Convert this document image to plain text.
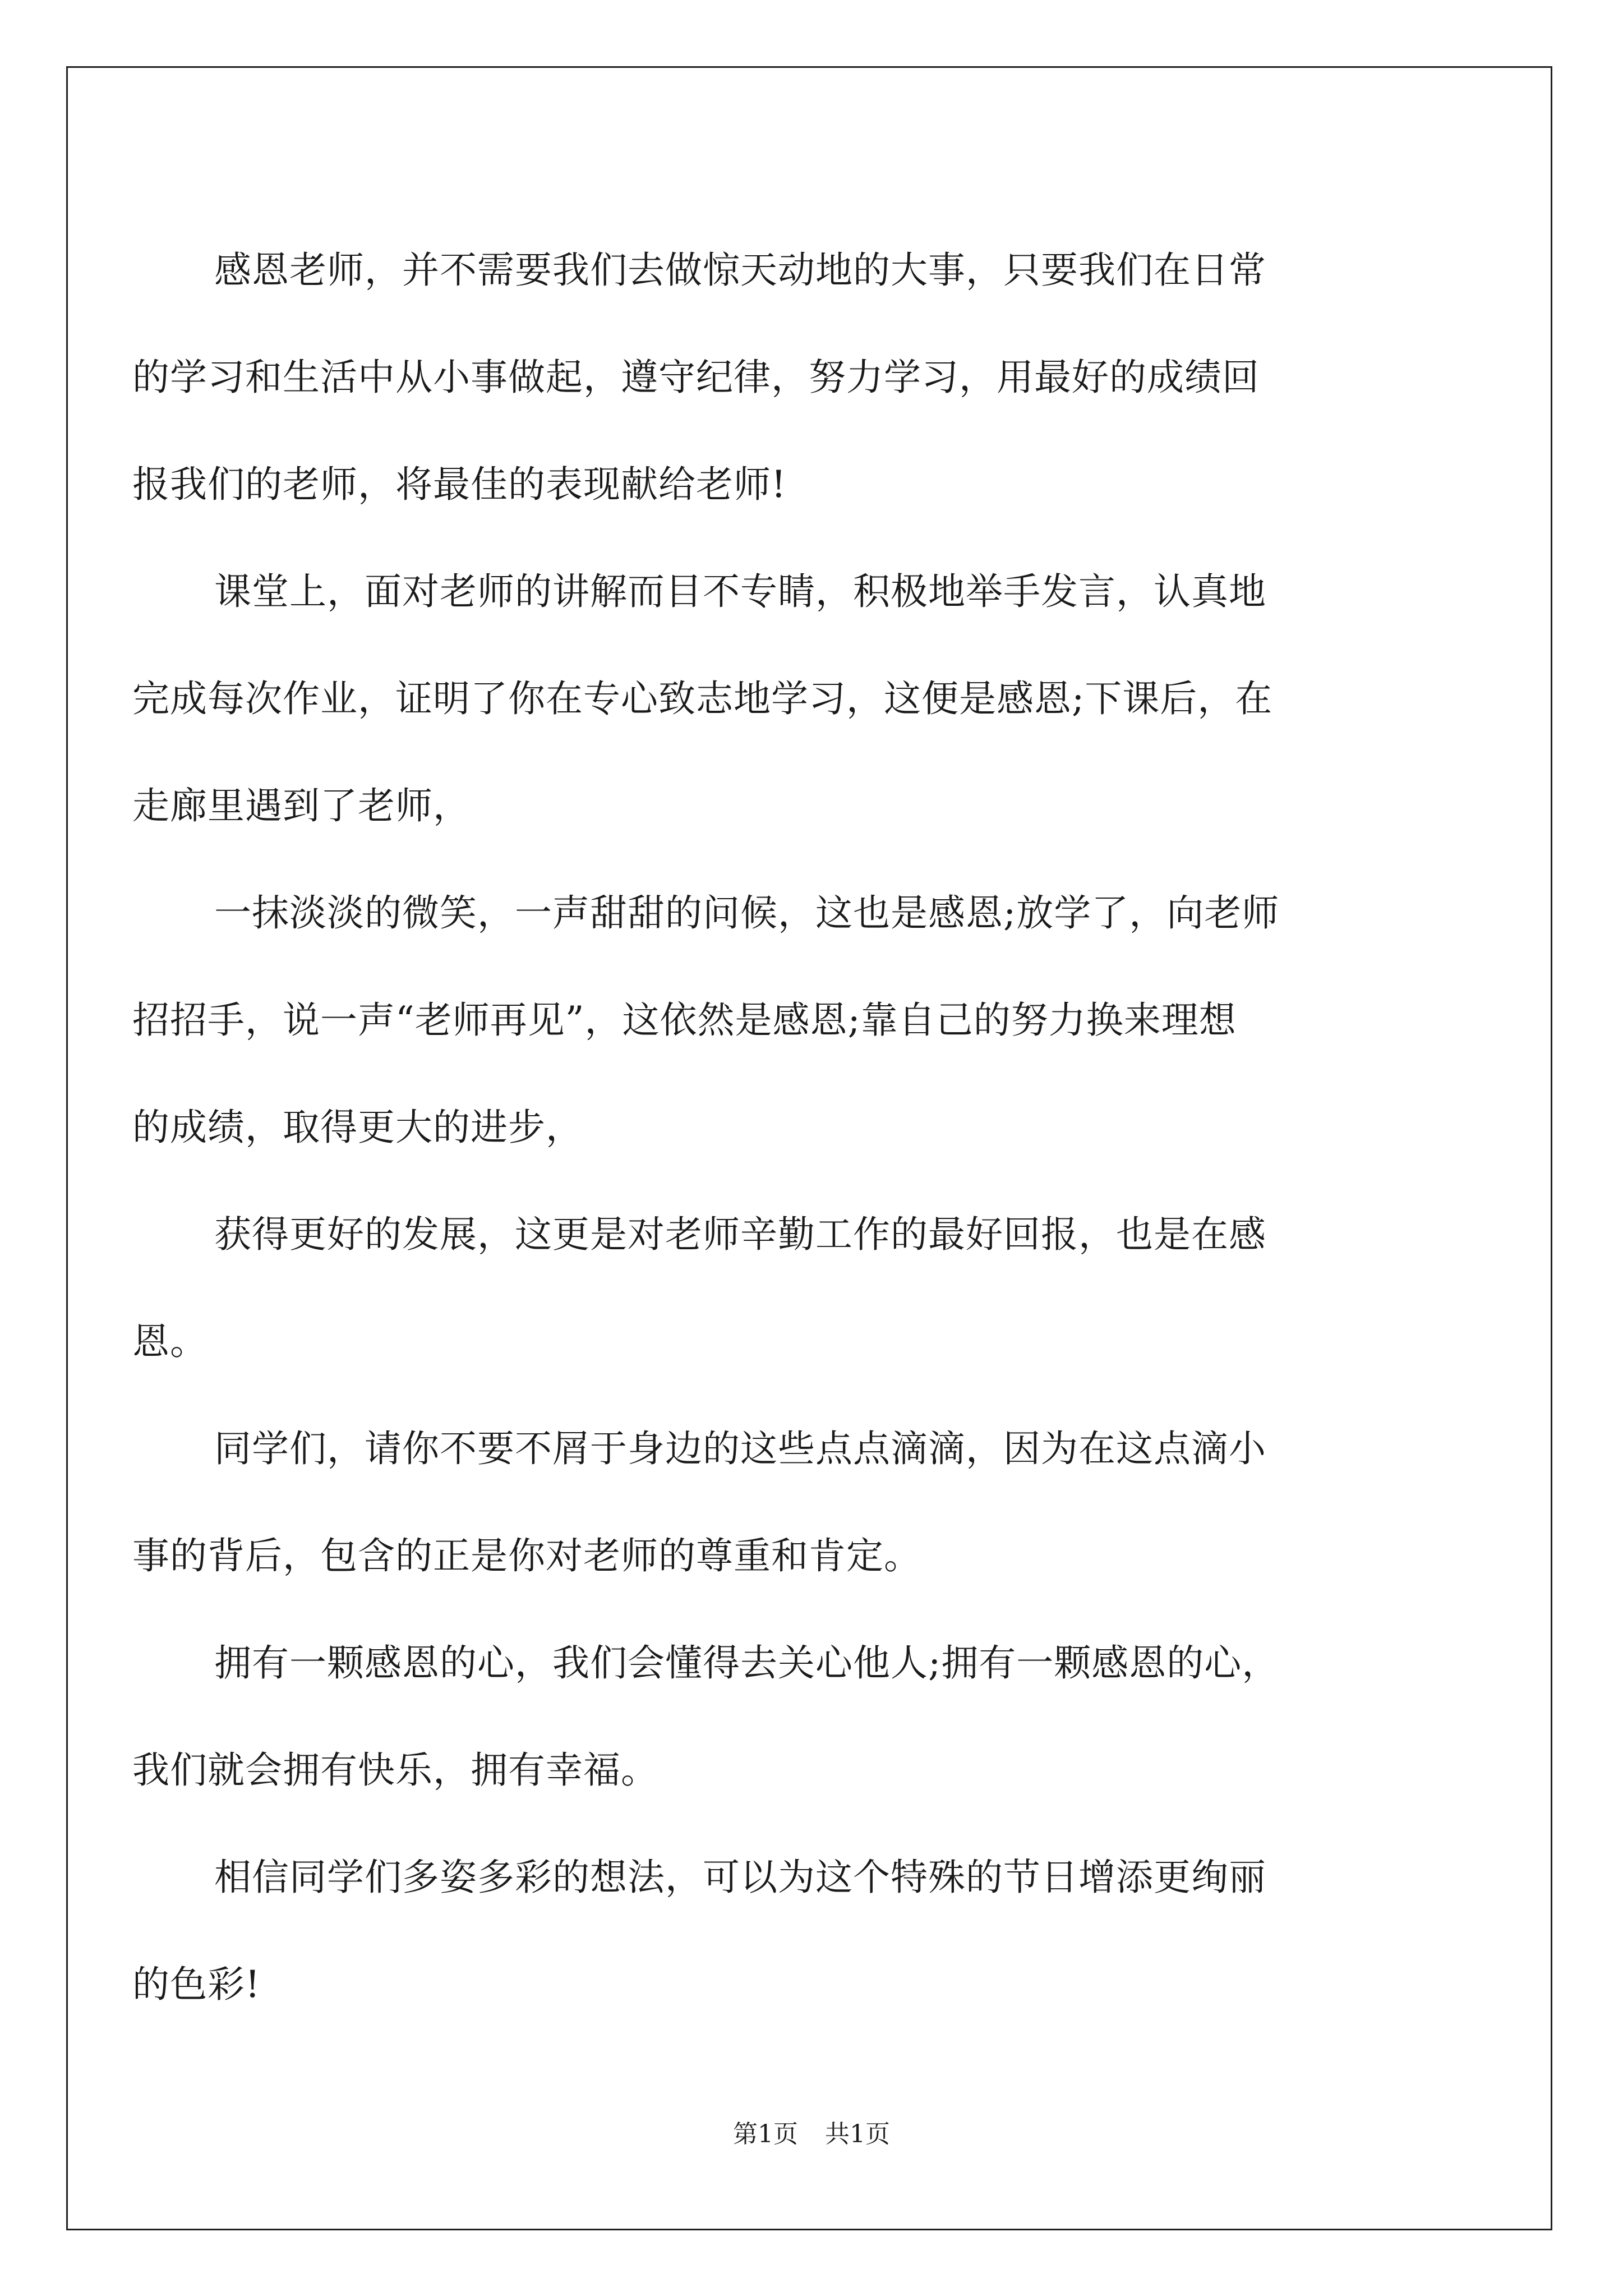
感恩老师，并不需要我们去做惊天动地的大事，只要我们在日常
的学习和生活中从小事做起，遵守纪律，努力学习，用最好的成绩回
报我们的老师，将最佳的表现献给老师!

课堂上，面对老师的讲解而目不专睛，积极地举手发言，认真地
完成每次作业，证明了你在专心致志地学习，这便是感恩;下课后，在
走廊里遇到了老师，

一抹淡淡的微笑，一声甜甜的问候，这也是感恩;放学了，向老师
招招手，说一声“老师再见”，这依然是感恩;靠自己的努力换来理想
的成绩，取得更大的进步，

获得更好的发展，这更是对老师辛勤工作的最好回报，也是在感
恩。

同学们，请你不要不屑于身边的这些点点滴滴，因为在这点滴小
事的背后，包含的正是你对老师的尊重和肯定。

拥有一颗感恩的心，我们会懂得去关心他人;拥有一颗感恩的心，
我们就会拥有快乐，拥有幸福。

相信同学们多姿多彩的想法，可以为这个特殊的节日增添更绚丽
的色彩!

第1页 共1页
